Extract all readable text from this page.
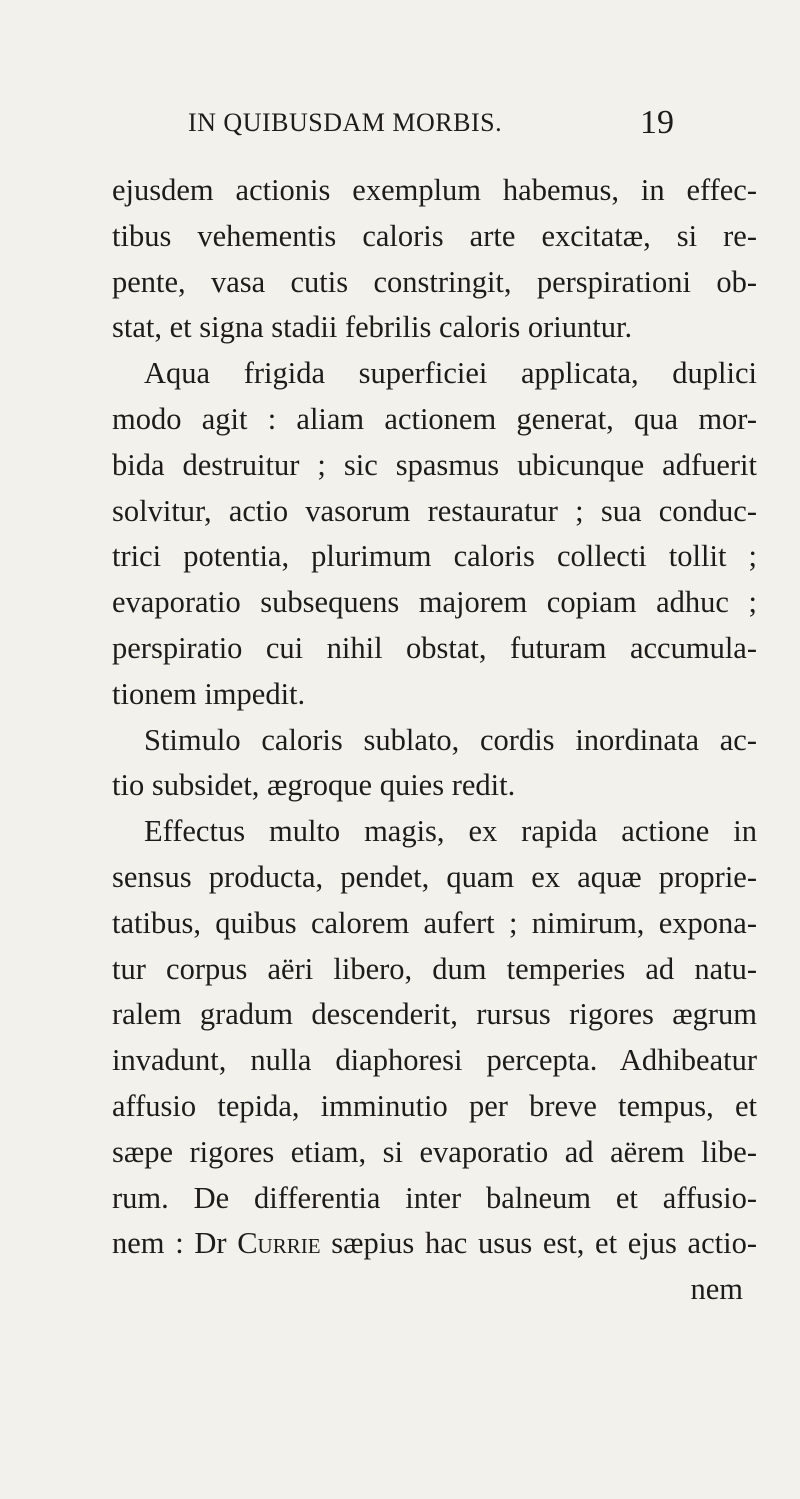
IN QUIBUSDAM MORBIS.	19
ejusdem actionis exemplum habemus, in effec-
tibus vehementis caloris arte excitatæ, si re-
pente, vasa cutis constringit, perspirationi ob-
stat, et signa stadii febrilis caloris oriuntur.
Aqua frigida superficiei applicata, duplici
modo agit : aliam actionem generat, qua mor-
bida destruitur ; sic spasmus ubicunque adfuerit
solvitur, actio vasorum restauratur ; sua conduc-
trici potentia, plurimum caloris collecti tollit ;
evaporatio subsequens majorem copiam adhuc ;
perspiratio cui nihil obstat, futuram accumula-
tionem impedit.
Stimulo caloris sublato, cordis inordinata ac-
tio subsidet, ægroque quies redit.
Effectus multo magis, ex rapida actione in
sensus producta, pendet, quam ex aquæ proprie-
tatibus, quibus calorem aufert ; nimirum, expona-
tur corpus aëri libero, dum temperies ad natu-
ralem gradum descenderit, rursus rigores ægrum
invadunt, nulla diaphoresi percepta. Adhibeatur
affusio tepida, imminutio per breve tempus, et
sæpe rigores etiam, si evaporatio ad aërem libe-
rum. De differentia inter balneum et affusio-
nem : Dr Currie sæpius hac usus est, et ejus actio-
nem
